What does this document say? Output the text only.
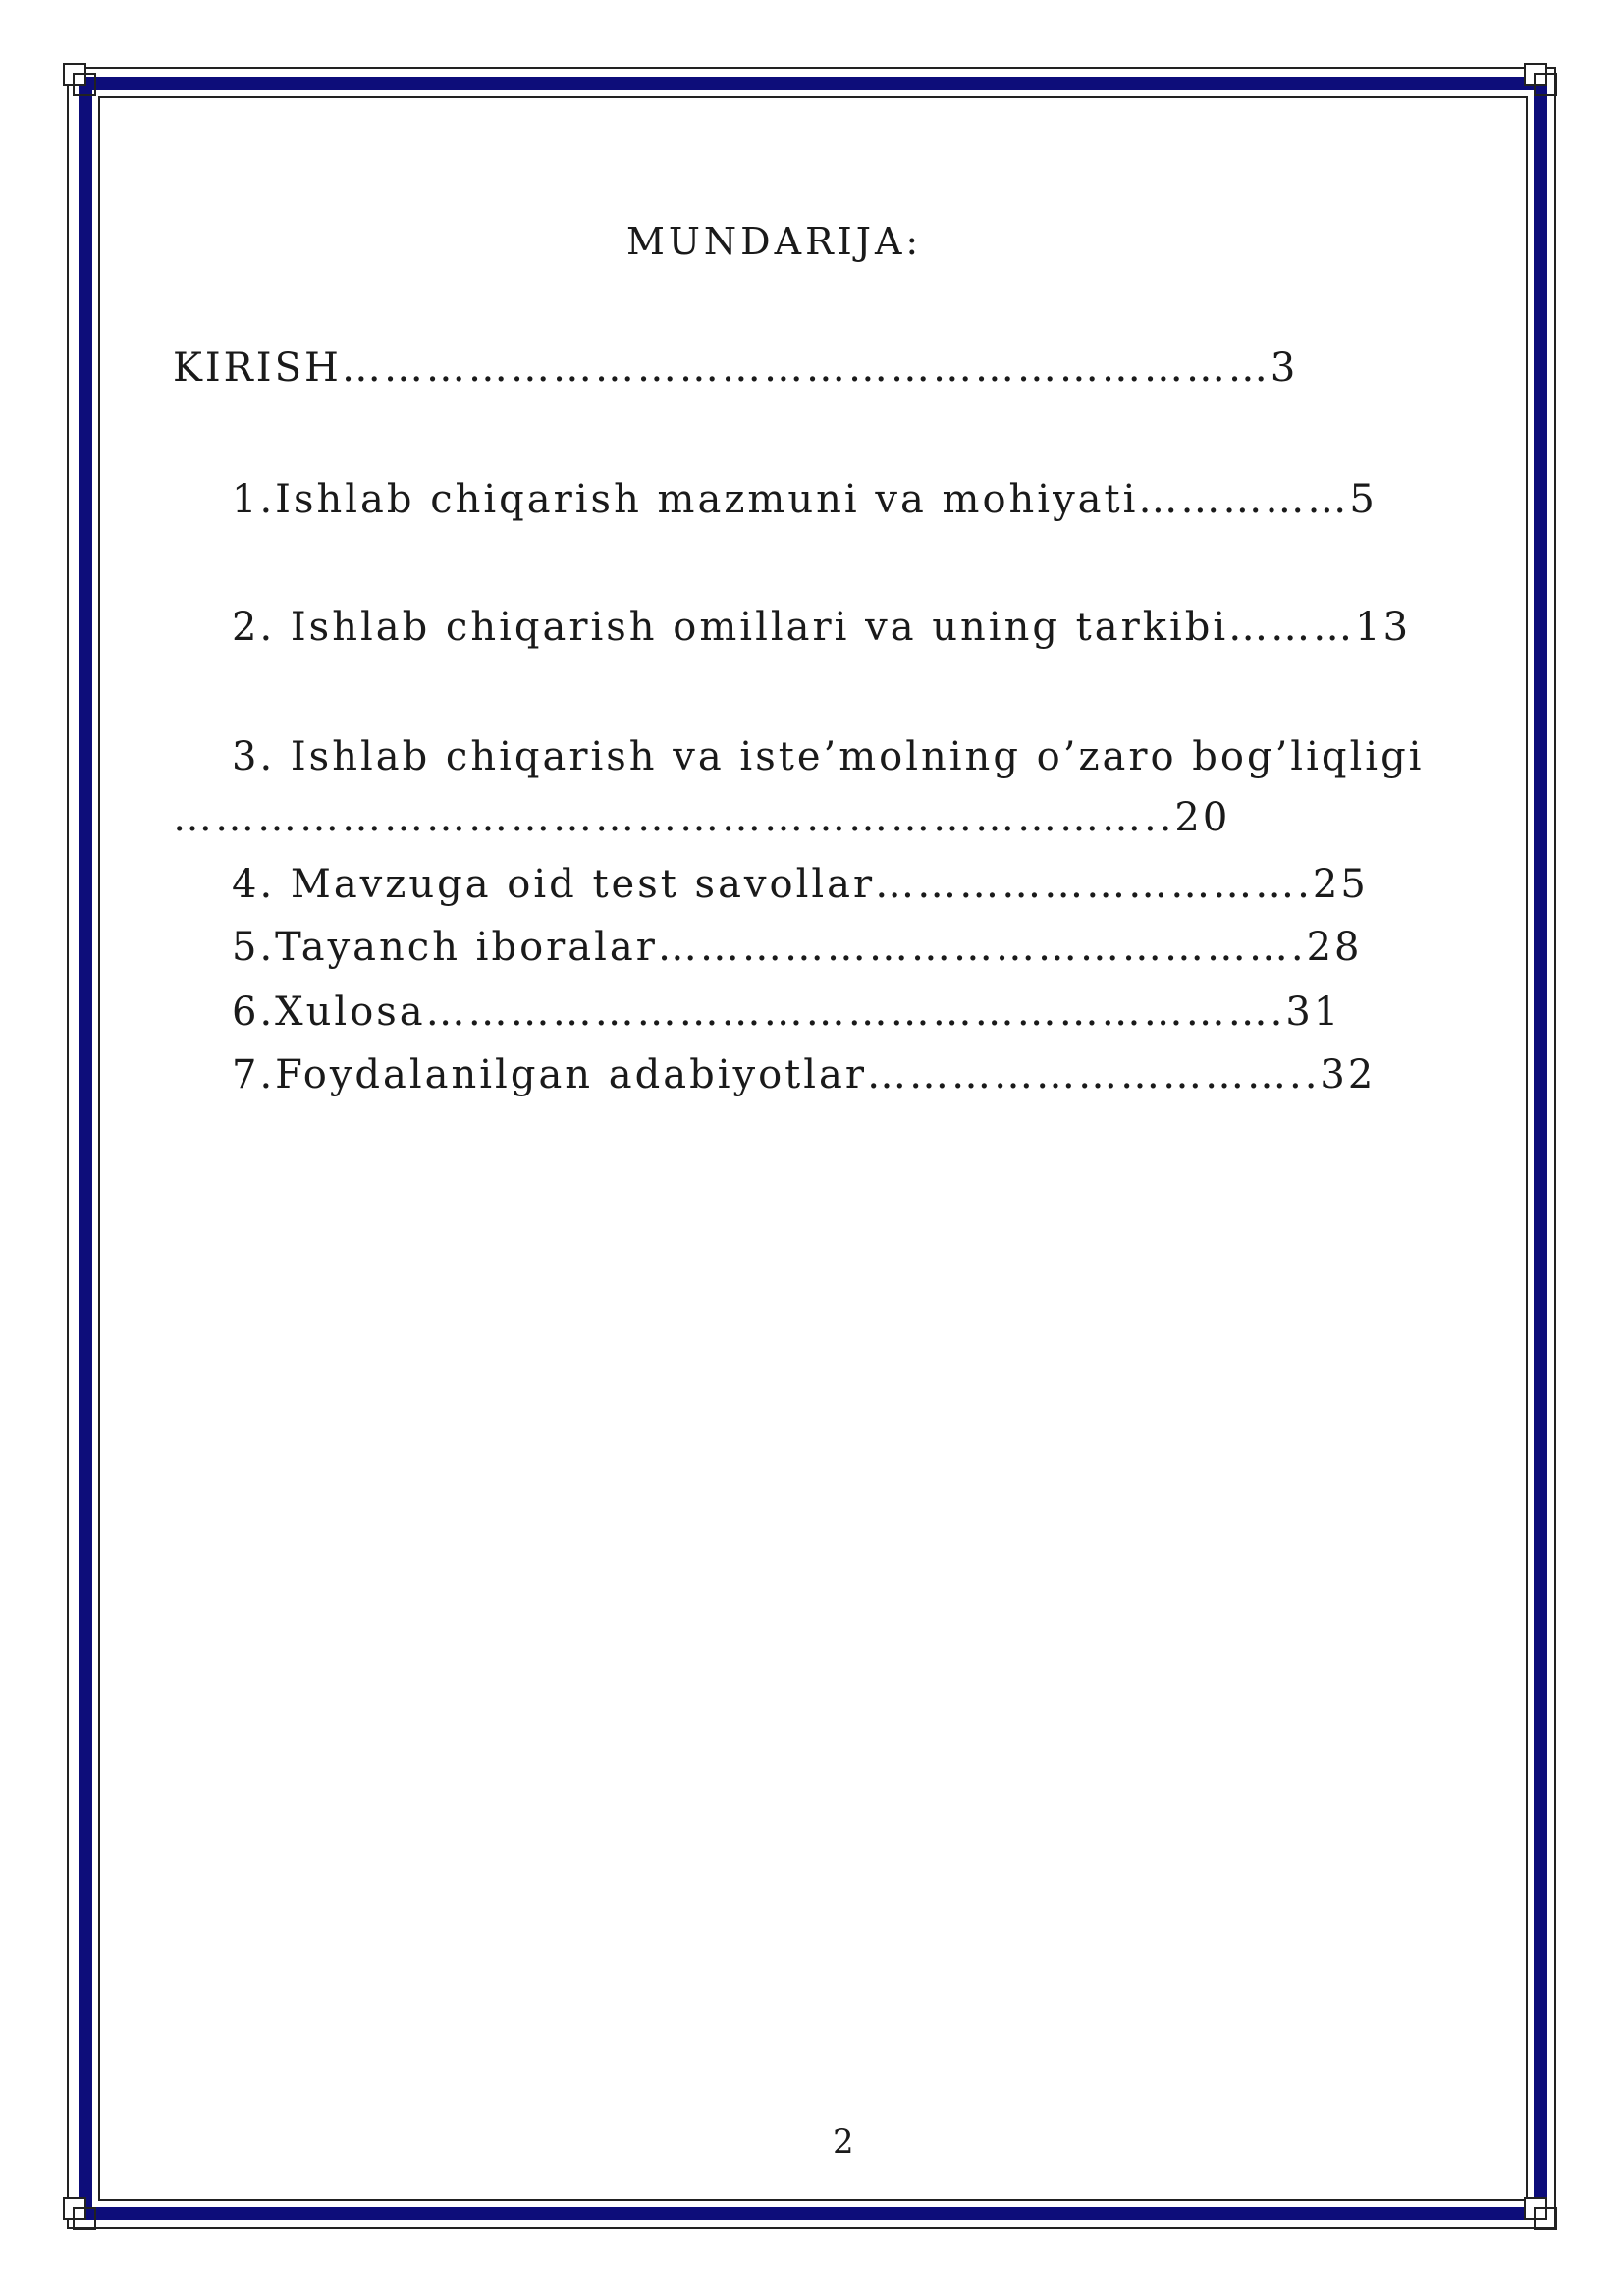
MUNDARIJA:
KIRISH…………………………………………………………3
1.Ishlab chiqarish mazmuni va mohiyati……………5
2. Ishlab chiqarish omillari va uning tarkibi………13
3. Ishlab chiqarish va iste’molning o’zaro bog’liqligi
……………………………………………………………..20
4. Mavzuga oid test savollar………………………….25
5.Tayanch iboralar……………………………………….28
6.Xulosa…………………………………………………….31
7.Foydalanilgan adabiyotlar…………………………..32
2
